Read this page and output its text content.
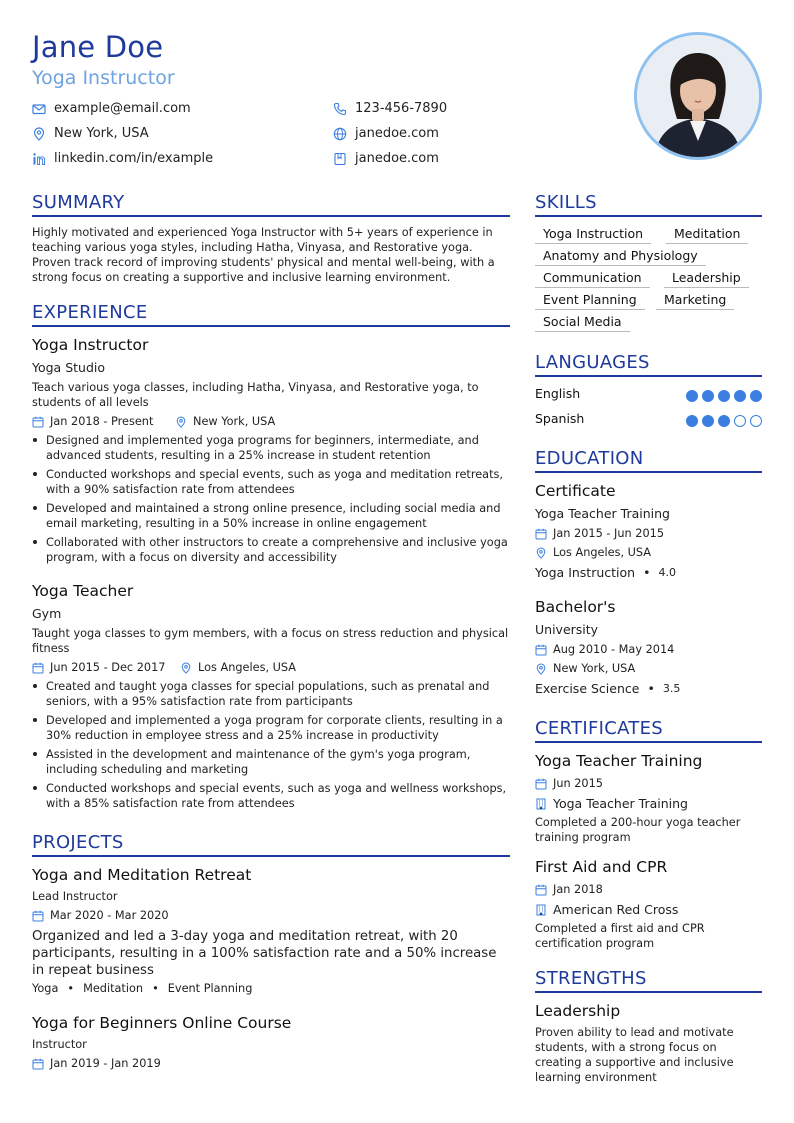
Jane Doe
Yoga Instructor
example@email.com	123-456-7890
New York, USA	janedoe.com
linkedin.com/in/example	janedoe.com
SUMMARY
Highly motivated and experienced Yoga Instructor with 5+ years of experience in teaching various yoga styles, including Hatha, Vinyasa, and Restorative yoga. Proven track record of improving students' physical and mental well-being, with a strong focus on creating a supportive and inclusive learning environment.
EXPERIENCE
Yoga Instructor
Yoga Studio
Teach various yoga classes, including Hatha, Vinyasa, and Restorative yoga, to students of all levels
Jan 2018 - Present	New York, USA
Designed and implemented yoga programs for beginners, intermediate, and advanced students, resulting in a 25% increase in student retention
Conducted workshops and special events, such as yoga and meditation retreats, with a 90% satisfaction rate from attendees
Developed and maintained a strong online presence, including social media and email marketing, resulting in a 50% increase in online engagement
Collaborated with other instructors to create a comprehensive and inclusive yoga program, with a focus on diversity and accessibility
Yoga Teacher
Gym
Taught yoga classes to gym members, with a focus on stress reduction and physical fitness
Jun 2015 - Dec 2017	Los Angeles, USA
Created and taught yoga classes for special populations, such as prenatal and seniors, with a 95% satisfaction rate from participants
Developed and implemented a yoga program for corporate clients, resulting in a 30% reduction in employee stress and a 25% increase in productivity
Assisted in the development and maintenance of the gym's yoga program, including scheduling and marketing
Conducted workshops and special events, such as yoga and wellness workshops, with a 85% satisfaction rate from attendees
PROJECTS
Yoga and Meditation Retreat
Lead Instructor
Mar 2020 - Mar 2020
Organized and led a 3-day yoga and meditation retreat, with 20 participants, resulting in a 100% satisfaction rate and a 50% increase in repeat business
Yoga • Meditation • Event Planning
Yoga for Beginners Online Course
Instructor
Jan 2019 - Jan 2019
SKILLS
Yoga Instruction	Meditation
Anatomy and Physiology
Communication	Leadership
Event Planning	Marketing
Social Media
LANGUAGES
English
Spanish
EDUCATION
Certificate
Yoga Teacher Training
Jan 2015 - Jun 2015
Los Angeles, USA
Yoga Instruction • 4.0
Bachelor's
University
Aug 2010 - May 2014
New York, USA
Exercise Science • 3.5
CERTIFICATES
Yoga Teacher Training
Jun 2015
Yoga Teacher Training
Completed a 200-hour yoga teacher training program
First Aid and CPR
Jan 2018
American Red Cross
Completed a first aid and CPR certification program
STRENGTHS
Leadership
Proven ability to lead and motivate students, with a strong focus on creating a supportive and inclusive learning environment
